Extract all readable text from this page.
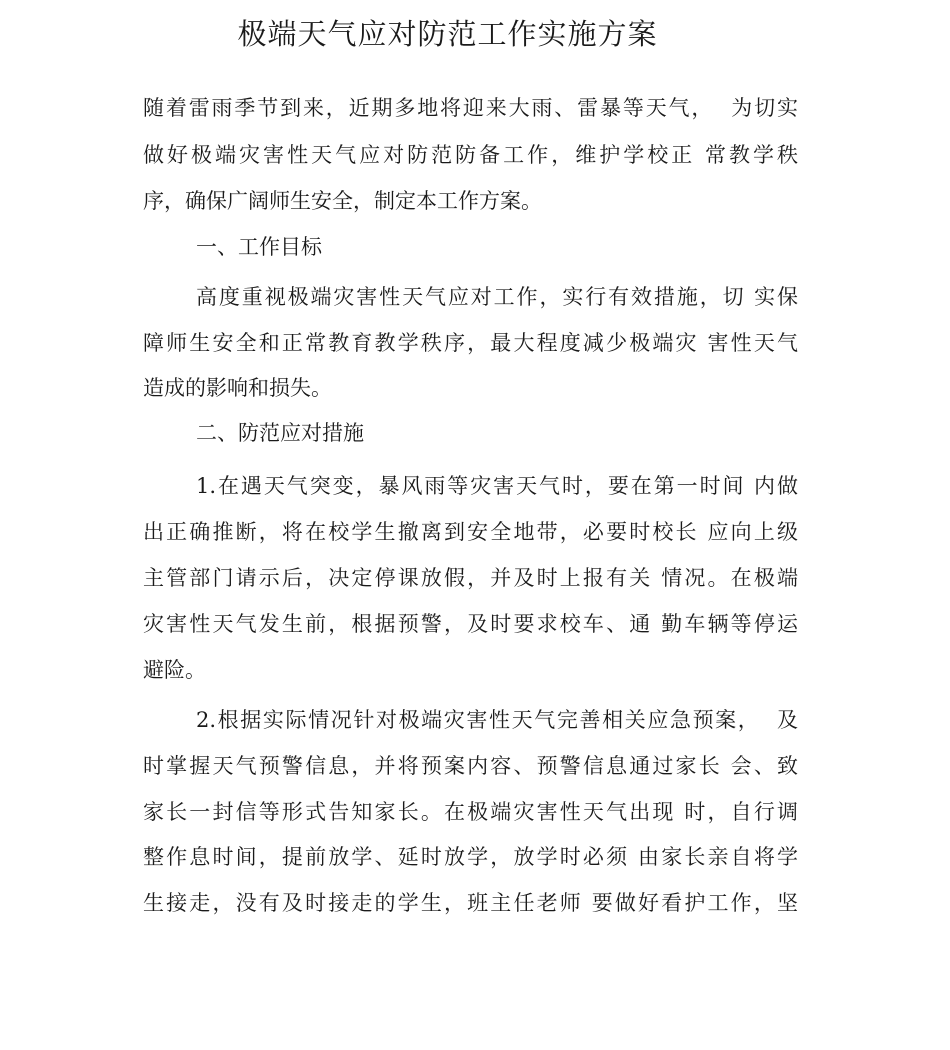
极端天气应对防范工作实施方案
随着雷雨季节到来，近期多地将迎来大雨、雷暴等天气，  为切实
做好极端灾害性天气应对防范防备工作，维护学校正 常教学秩
序，确保广阔师生安全，制定本工作方案。
一、工作目标
高度重视极端灾害性天气应对工作，实行有效措施，切 实保
障师生安全和正常教育教学秩序，最大程度减少极端灾 害性天气
造成的影响和损失。
二、防范应对措施
1.在遇天气突变，暴风雨等灾害天气时，要在第一时间 内做
出正确推断，将在校学生撤离到安全地带，必要时校长 应向上级
主管部门请示后，决定停课放假，并及时上报有关 情况。在极端
灾害性天气发生前，根据预警，及时要求校车、通 勤车辆等停运
避险。
2.根据实际情况针对极端灾害性天气完善相关应急预案，  及
时掌握天气预警信息，并将预案内容、预警信息通过家长 会、致
家长一封信等形式告知家长。在极端灾害性天气出现 时，自行调
整作息时间，提前放学、延时放学，放学时必须 由家长亲自将学
生接走，没有及时接走的学生，班主任老师 要做好看护工作，坚
